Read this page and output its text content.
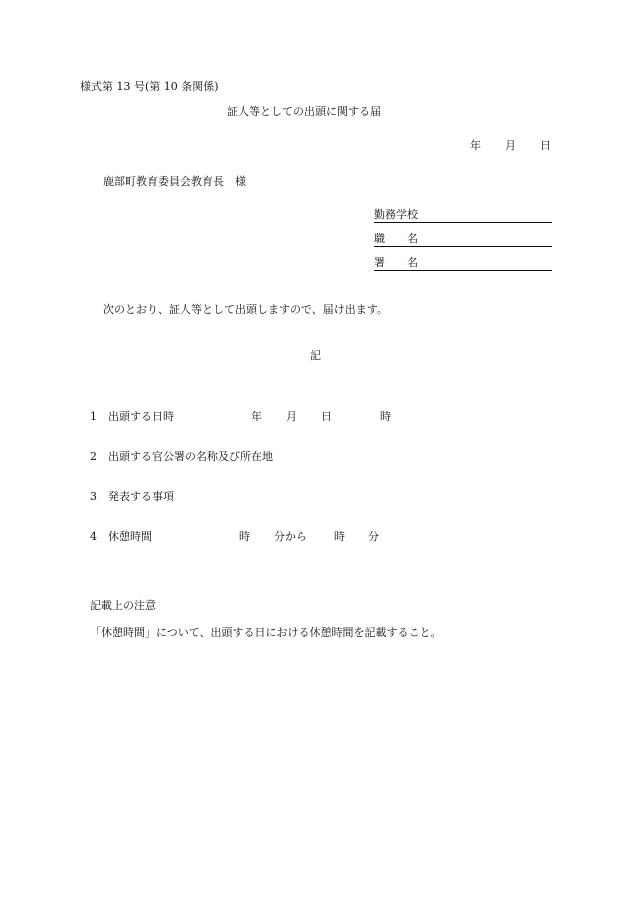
様式第 13 号(第 10 条関係)
証人等としての出頭に関する届
年 月 日
鹿部町教育委員会教育長　様
勤務学校
職　　名
署　　名
次のとおり、証人等として出頭しますので、届け出ます。
記
1 出頭する日時	年 月 日	時
2 出頭する官公署の名称及び所在地
3 発表する事項
4 休憩時間	時 分から 時 分
記載上の注意
「休憩時間」について、出頭する日における休憩時間を記載すること。
